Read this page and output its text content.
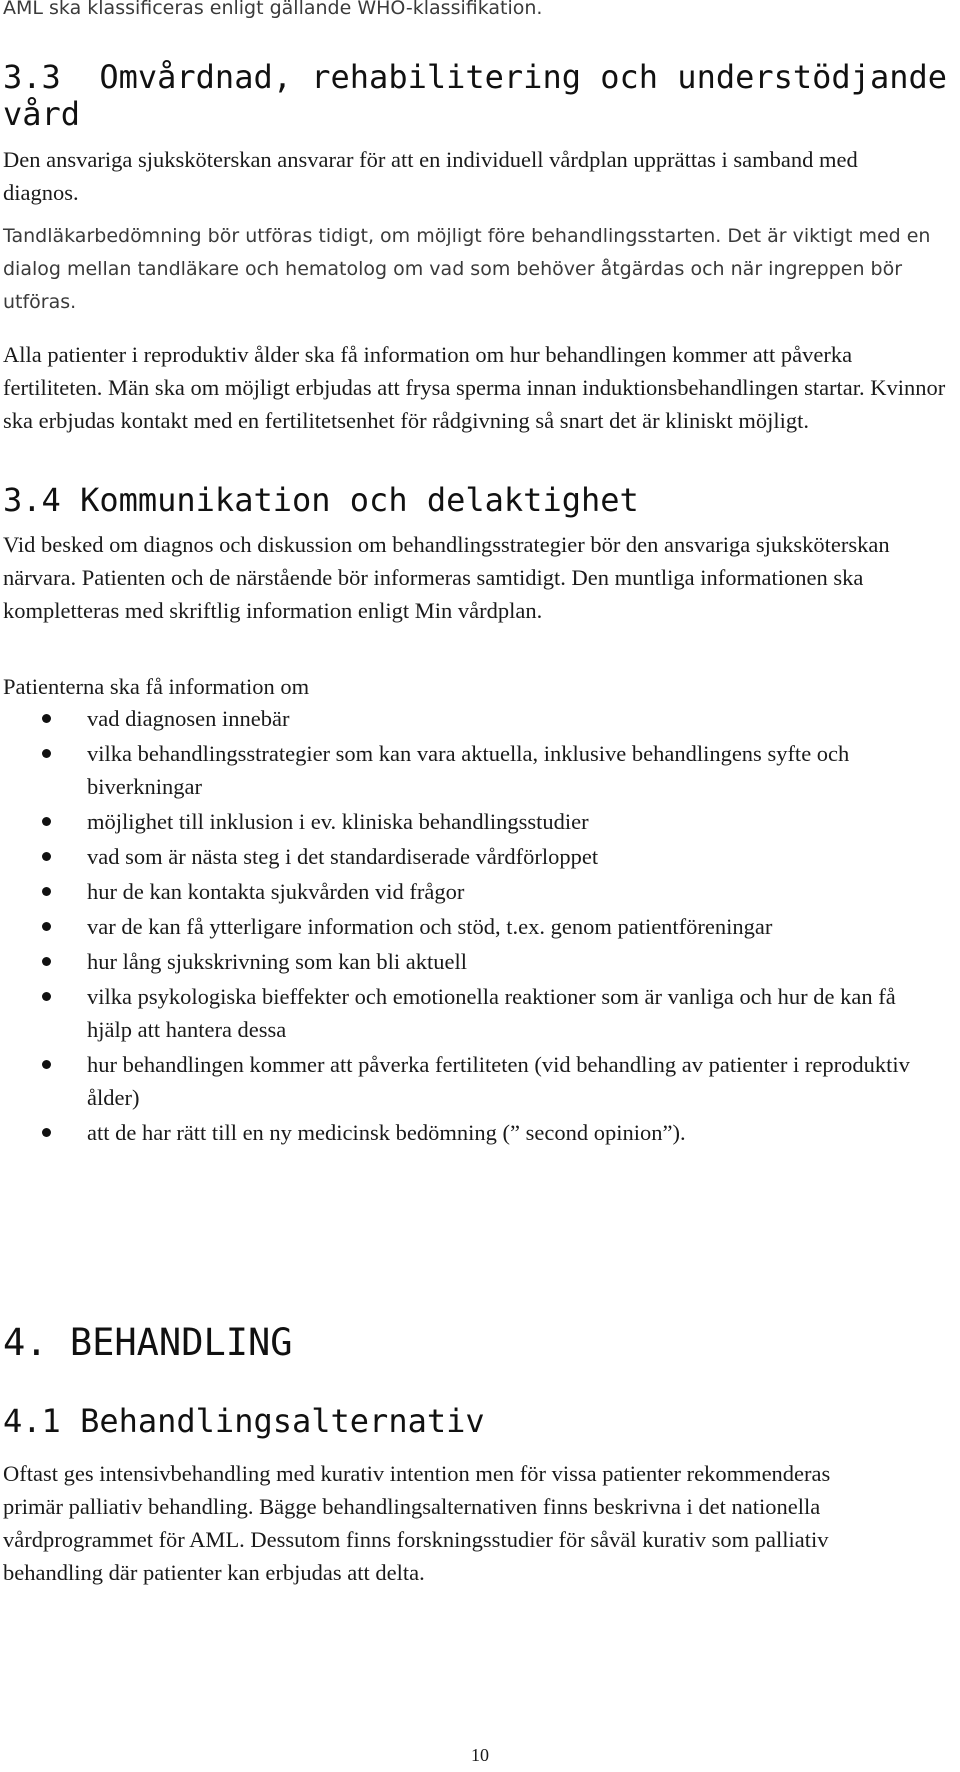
AML ska klassificeras enligt gällande WHO-klassifikation.

3.3  Omvårdnad, rehabilitering och understödjande
vård

Den ansvariga sjuksköterskan ansvarar för att en individuell vårdplan upprättas i samband med diagnos.

Tandläkarbedömning bör utföras tidigt, om möjligt före behandlingsstarten. Det är viktigt med en dialog mellan tandläkare och hematolog om vad som behöver åtgärdas och när ingreppen bör utföras.

Alla patienter i reproduktiv ålder ska få information om hur behandlingen kommer att påverka fertiliteten. Män ska om möjligt erbjudas att frysa sperma innan induktionsbehandlingen startar. Kvinnor ska erbjudas kontakt med en fertilitetsenhet för rådgivning så snart det är kliniskt möjligt.

3.4 Kommunikation och delaktighet

Vid besked om diagnos och diskussion om behandlingsstrategier bör den ansvariga sjuksköterskan närvara. Patienten och de närstående bör informeras samtidigt. Den muntliga informationen ska kompletteras med skriftlig information enligt Min vårdplan.

Patienterna ska få information om

vad diagnosen innebär
vilka behandlingsstrategier som kan vara aktuella, inklusive behandlingens syfte och biverkningar
möjlighet till inklusion i ev. kliniska behandlingsstudier
vad som är nästa steg i det standardiserade vårdförloppet
hur de kan kontakta sjukvården vid frågor
var de kan få ytterligare information och stöd, t.ex. genom patientföreningar
hur lång sjukskrivning som kan bli aktuell
vilka psykologiska bieffekter och emotionella reaktioner som är vanliga och hur de kan få hjälp att hantera dessa
hur behandlingen kommer att påverka fertiliteten (vid behandling av patienter i reproduktiv ålder)
att de har rätt till en ny medicinsk bedömning (” second opinion”).
4. BEHANDLING
4.1 Behandlingsalternativ

Oftast ges intensivbehandling med kurativ intention men för vissa patienter rekommenderas primär palliativ behandling. Bägge behandlingsalternativen finns beskrivna i det nationella vårdprogrammet för AML. Dessutom finns forskningsstudier för såväl kurativ som palliativ behandling där patienter kan erbjudas att delta.

10
